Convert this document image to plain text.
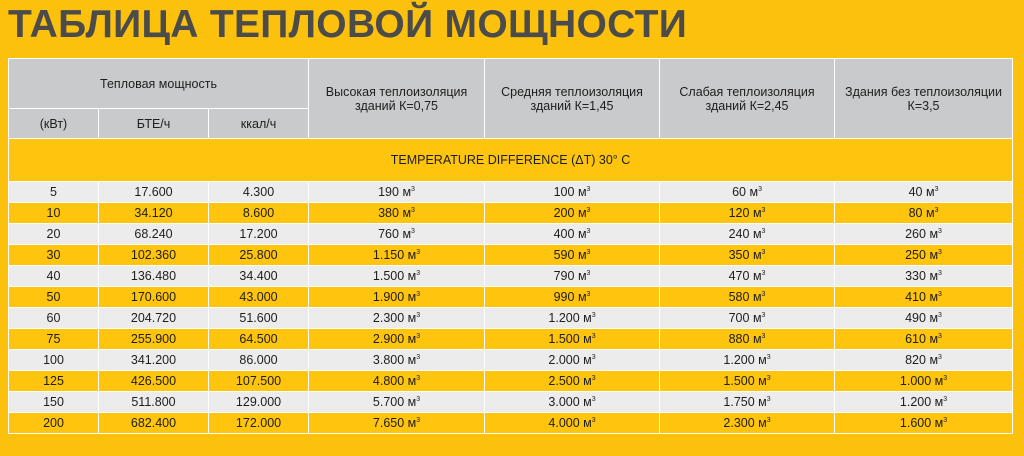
ТАБЛИЦА ТЕПЛОВОЙ МОЩНОСТИ
Тепловая мощность			Высокая теплоизоляция зданий К=0,75	Средняя теплоизоляция зданий К=1,45	Слабая теплоизоляция зданий К=2,45	Здания без теплоизоляции К=3,5
(кВт)	БТЕ/ч	ккал/ч				
TEMPERATURE DIFFERENCE (ΔT) 30° C						
5	17.600	4.300	190 $м^3$	100 $м^3$	60 $м^3$	40 $м^3$
10	34.120	8.600	380 $м^3$	200 $м^3$	120 $м^3$	80 $м^3$
20	68.240	17.200	760 $м^3$	400 $м^3$	240 $м^3$	260 $м^3$
30	102.360	25.800	1.150 $м^3$	590 $м^3$	350 $м^3$	250 $м^3$
40	136.480	34.400	1.500 $м^3$	790 $м^3$	470 $м^3$	330 $м^3$
50	170.600	43.000	1.900 $м^3$	990 $м^3$	580 $м^3$	410 $м^3$
60	204.720	51.600	2.300 $м^3$	1.200 $м^3$	700 $м^3$	490 $м^3$
75	255.900	64.500	2.900 $м^3$	1.500 $м^3$	880 $м^3$	610 $м^3$
100	341.200	86.000	3.800 $м^3$	2.000 $м^3$	1.200 $м^3$	820 $м^3$
125	426.500	107.500	4.800 $м^3$	2.500 $м^3$	1.500 $м^3$	1.000 $м^3$
150	511.800	129.000	5.700 $м^3$	3.000 $м^3$	1.750 $м^3$	1.200 $м^3$
200	682.400	172.000	7.650 $м^3$	4.000 $м^3$	2.300 $м^3$	1.600 $м^3$
